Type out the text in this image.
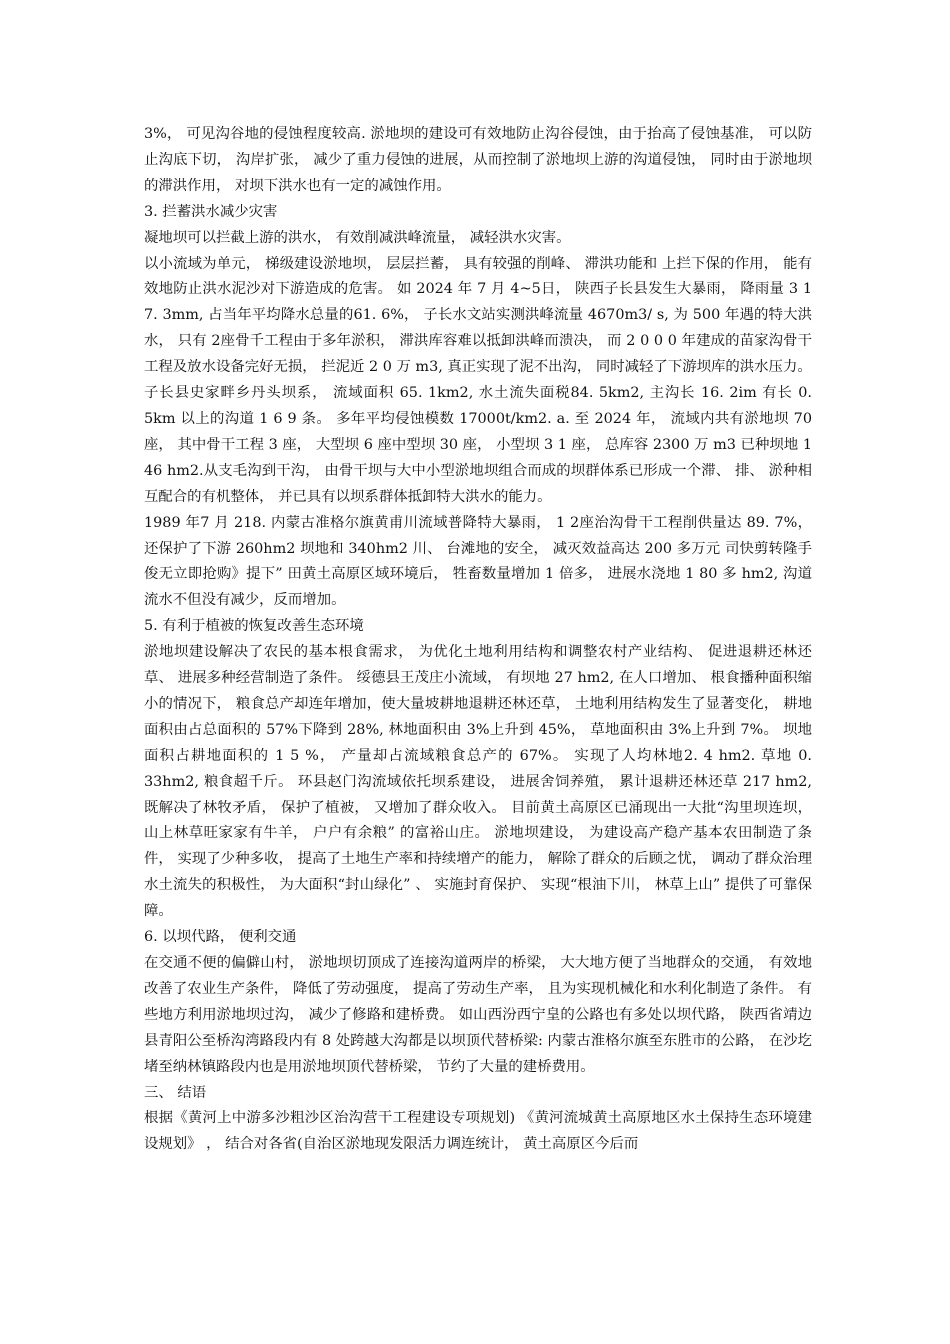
3%， 可见沟谷地的侵蚀程度较高. 淤地坝的建设可有效地防止沟谷侵蚀，由于抬高了侵蚀基准， 可以防止沟底下切， 沟岸扩张， 减少了重力侵蚀的进展，从而控制了淤地坝上游的沟道侵蚀， 同时由于淤地坝的滞洪作用， 对坝下洪水也有一定的减蚀作用。

3. 拦蓄洪水减少灾害

凝地坝可以拦截上游的洪水， 有效削减洪峰流量， 减轻洪水灾害。

以小流域为单元， 梯级建设淤地坝， 层层拦蓄， 具有较强的削峰、 滞洪功能和 上拦下保的作用， 能有效地防止洪水泥沙对下游造成的危害。 如 2024 年 7 月 4~5日， 陕西子长县发生大暴雨， 降雨量 3 1 7. 3mm, 占当年平均降水总量的61. 6%， 子长水文站实测洪峰流量 4670m3/ s, 为 500 年遇的特大洪水， 只有 2座骨千工程由于多年淤积， 滞洪库容难以抵卸洪峰而溃决， 而 2 0 0 0 年建成的苗家沟骨干工程及放水设备完好无损， 拦泥近 2 0 万 m3, 真正实现了泥不出沟， 同时减轻了下游坝库的洪水压力。

子长县史家畔乡丹头坝系， 流域面积 65. 1km2, 水土流失面税84. 5km2, 主沟长 16. 2im 有长 0. 5km 以上的沟道 1 6 9 条。 多年平均侵蚀模数 17000t/km2. a. 至 2024 年， 流域内共有淤地坝 70 座， 其中骨干工程 3 座， 大型坝 6 座中型坝 30 座， 小型坝 3 1 座， 总库容 2300 万 m3 已种坝地 1 46 hm2.从支毛沟到干沟， 由骨干坝与大中小型淤地坝组合而成的坝群体系已形成一个滞、 排、 淤种相互配合的有机整体， 并已具有以坝系群体抵卸特大洪水的能力。

1989 年7 月 218. 内蒙古准格尔旗黄甫川流域普降特大暴雨， 1 2座治沟骨干工程削供量达 89. 7%， 还保护了下游 260hm2 坝地和 340hm2 川、 台滩地的安全， 减灭效益高达 200 多万元 司快剪转隆手俊无立即抢购》提下” 田黄土高原区域环境后， 牲畜数量增加 1 倍多， 进展水浇地 1 80 多 hm2, 沟道流水不但没有减少，反而增加。

5. 有利于植被的恢复改善生态环境

淤地坝建设解决了农民的基本根食需求， 为优化土地利用结构和调整农村产业结构、 促进退耕还林还草、 进展多种经营制造了条件。 绥德县王茂庄小流域， 有坝地 27 hm2, 在人口增加、 根食播种面积缩小的情况下， 粮食总产却连年增加，使大量坡耕地退耕还林还草， 土地利用结构发生了显著变化， 耕地面积由占总面积的 57%下降到 28%, 林地面积由 3%上升到 45%， 草地面积由 3%上升到 7%。 坝地面积占耕地面积的 1 5 %， 产量却占流域粮食总产的 67%。 实现了人均林地2. 4 hm2. 草地 0. 33hm2, 粮食超千斤。 环县赵门沟流域依托坝系建设， 进展舍饲养殖， 累计退耕还林还草 217 hm2, 既解决了林牧矛盾， 保护了植被， 又增加了群众收入。 目前黄土高原区已涌现出一大批“沟里坝连坝， 山上林草旺家家有牛羊， 户户有余粮” 的富裕山庄。 淤地坝建设， 为建设高产稳产基本农田制造了条件， 实现了少种多收， 提高了土地生产率和持续增产的能力， 解除了群众的后顾之忧， 调动了群众治理水土流失的积极性， 为大面积“封山绿化” 、 实施封育保护、 实现“根油下川， 林草上山” 提供了可靠保障。

6. 以坝代路， 便利交通

在交通不便的偏僻山村， 淤地坝切顶成了连接沟道两岸的桥梁， 大大地方便了当地群众的交通， 有效地改善了农业生产条件， 降低了劳动强度， 提高了劳动生产率， 且为实现机械化和水利化制造了条件。 有些地方利用淤地坝过沟， 减少了修路和建桥费。 如山西汾西宁皇的公路也有多处以坝代路， 陕西省靖边县青阳公至桥沟湾路段内有 8 处跨越大沟都是以坝顶代替桥梁: 内蒙古淮格尔旗至东胜市的公路， 在沙圪堵至纳林镇路段内也是用淤地坝顶代替桥梁， 节约了大量的建桥费用。

三、 结语

根据《黄河上中游多沙粗沙区治沟营干工程建设专项规划) 《黄河流城黄土高原地区水土保持生态环境建设规划》 ， 结合对各省(自治区淤地现发限活力调连统计， 黄土高原区今后而
